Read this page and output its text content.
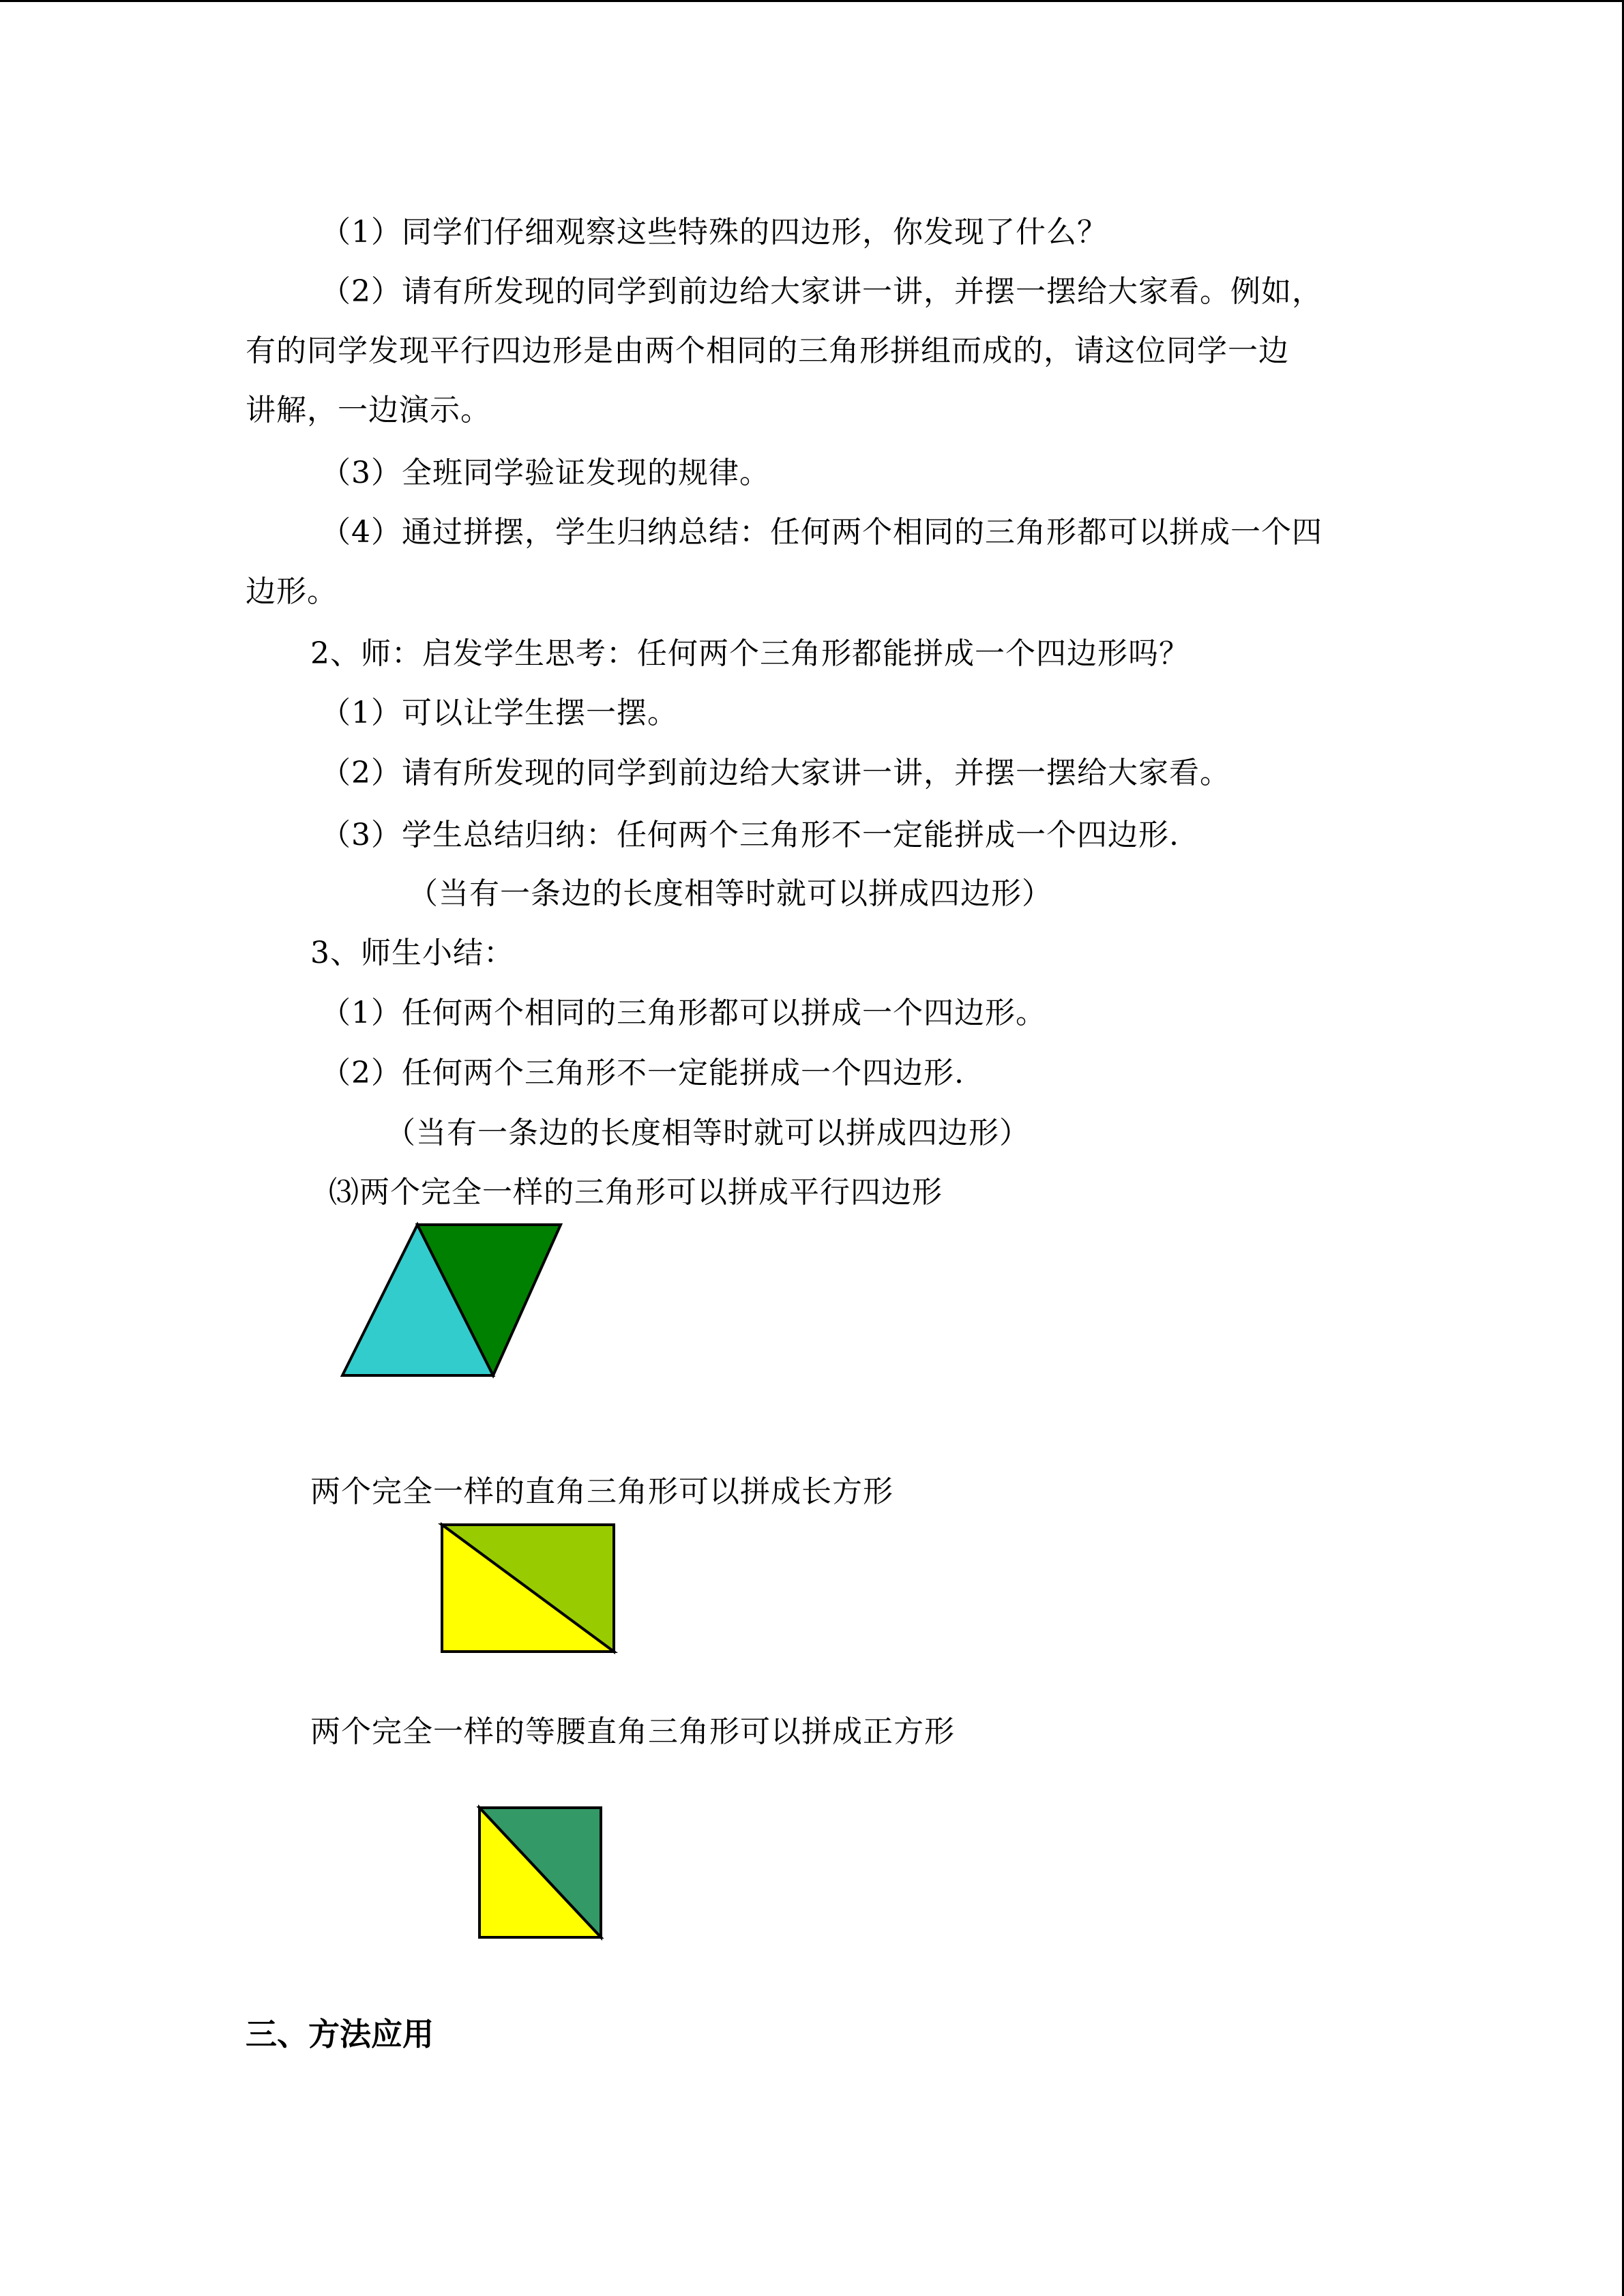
（1）同学们仔细观察这些特殊的四边形，你发现了什么？
（2）请有所发现的同学到前边给大家讲一讲，并摆一摆给大家看。例如，
有的同学发现平行四边形是由两个相同的三角形拼组而成的，请这位同学一边
讲解，一边演示。
（3）全班同学验证发现的规律。
（4）通过拼摆，学生归纳总结：任何两个相同的三角形都可以拼成一个四
边形。
2、师：启发学生思考：任何两个三角形都能拼成一个四边形吗？
（1）可以让学生摆一摆。
（2）请有所发现的同学到前边给大家讲一讲，并摆一摆给大家看。
（3）学生总结归纳：任何两个三角形不一定能拼成一个四边形.
（当有一条边的长度相等时就可以拼成四边形）
3、师生小结：
（1）任何两个相同的三角形都可以拼成一个四边形。
（2）任何两个三角形不一定能拼成一个四边形.
（当有一条边的长度相等时就可以拼成四边形）
⑶两个完全一样的三角形可以拼成平行四边形
两个完全一样的直角三角形可以拼成长方形
两个完全一样的等腰直角三角形可以拼成正方形
三、方法应用
